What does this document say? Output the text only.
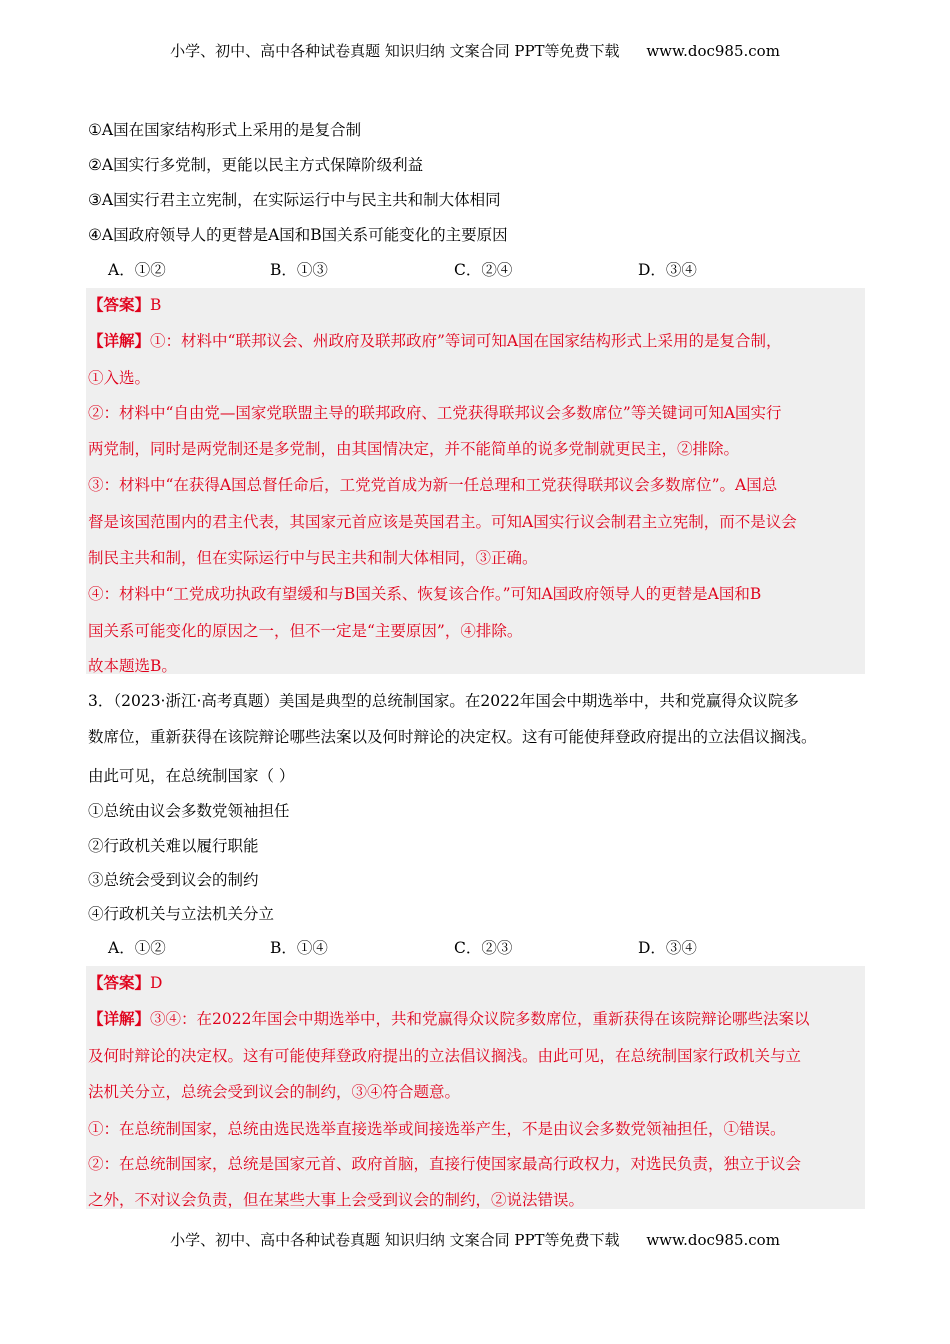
小学、初中、高中各种试卷真题 知识归纳 文案合同 PPT等免费下载 www.doc985.com
①A国在国家结构形式上采用的是复合制
②A国实行多党制，更能以民主方式保障阶级利益
③A国实行君主立宪制，在实际运行中与民主共和制大体相同
④A国政府领导人的更替是A国和B国关系可能变化的主要原因
A．①②	B．①③	C．②④	D．③④
【答案】B
【详解】①：材料中“联邦议会、州政府及联邦政府”等词可知A国在国家结构形式上采用的是复合制，
①入选。
②：材料中“自由党—国家党联盟主导的联邦政府、工党获得联邦议会多数席位”等关键词可知A国实行
两党制，同时是两党制还是多党制，由其国情决定，并不能简单的说多党制就更民主，②排除。
③：材料中“在获得A国总督任命后，工党党首成为新一任总理和工党获得联邦议会多数席位”。A国总
督是该国范围内的君主代表，其国家元首应该是英国君主。可知A国实行议会制君主立宪制，而不是议会
制民主共和制，但在实际运行中与民主共和制大体相同，③正确。
④：材料中“工党成功执政有望缓和与B国关系、恢复该合作。”可知A国政府领导人的更替是A国和B
国关系可能变化的原因之一，但不一定是“主要原因”，④排除。
故本题选B。
3．（2023·浙江·高考真题）美国是典型的总统制国家。在2022年国会中期选举中，共和党赢得众议院多
数席位，重新获得在该院辩论哪些法案以及何时辩论的决定权。这有可能使拜登政府提出的立法倡议搁浅。
由此可见，在总统制国家（ ）
①总统由议会多数党领袖担任
②行政机关难以履行职能
③总统会受到议会的制约
④行政机关与立法机关分立
A．①②	B．①④	C．②③	D．③④
【答案】D
【详解】③④：在2022年国会中期选举中，共和党赢得众议院多数席位，重新获得在该院辩论哪些法案以
及何时辩论的决定权。这有可能使拜登政府提出的立法倡议搁浅。由此可见，在总统制国家行政机关与立
法机关分立，总统会受到议会的制约，③④符合题意。
①：在总统制国家，总统由选民选举直接选举或间接选举产生，不是由议会多数党领袖担任，①错误。
②：在总统制国家，总统是国家元首、政府首脑，直接行使国家最高行政权力，对选民负责，独立于议会
之外，不对议会负责，但在某些大事上会受到议会的制约，②说法错误。
小学、初中、高中各种试卷真题 知识归纳 文案合同 PPT等免费下载 www.doc985.com
